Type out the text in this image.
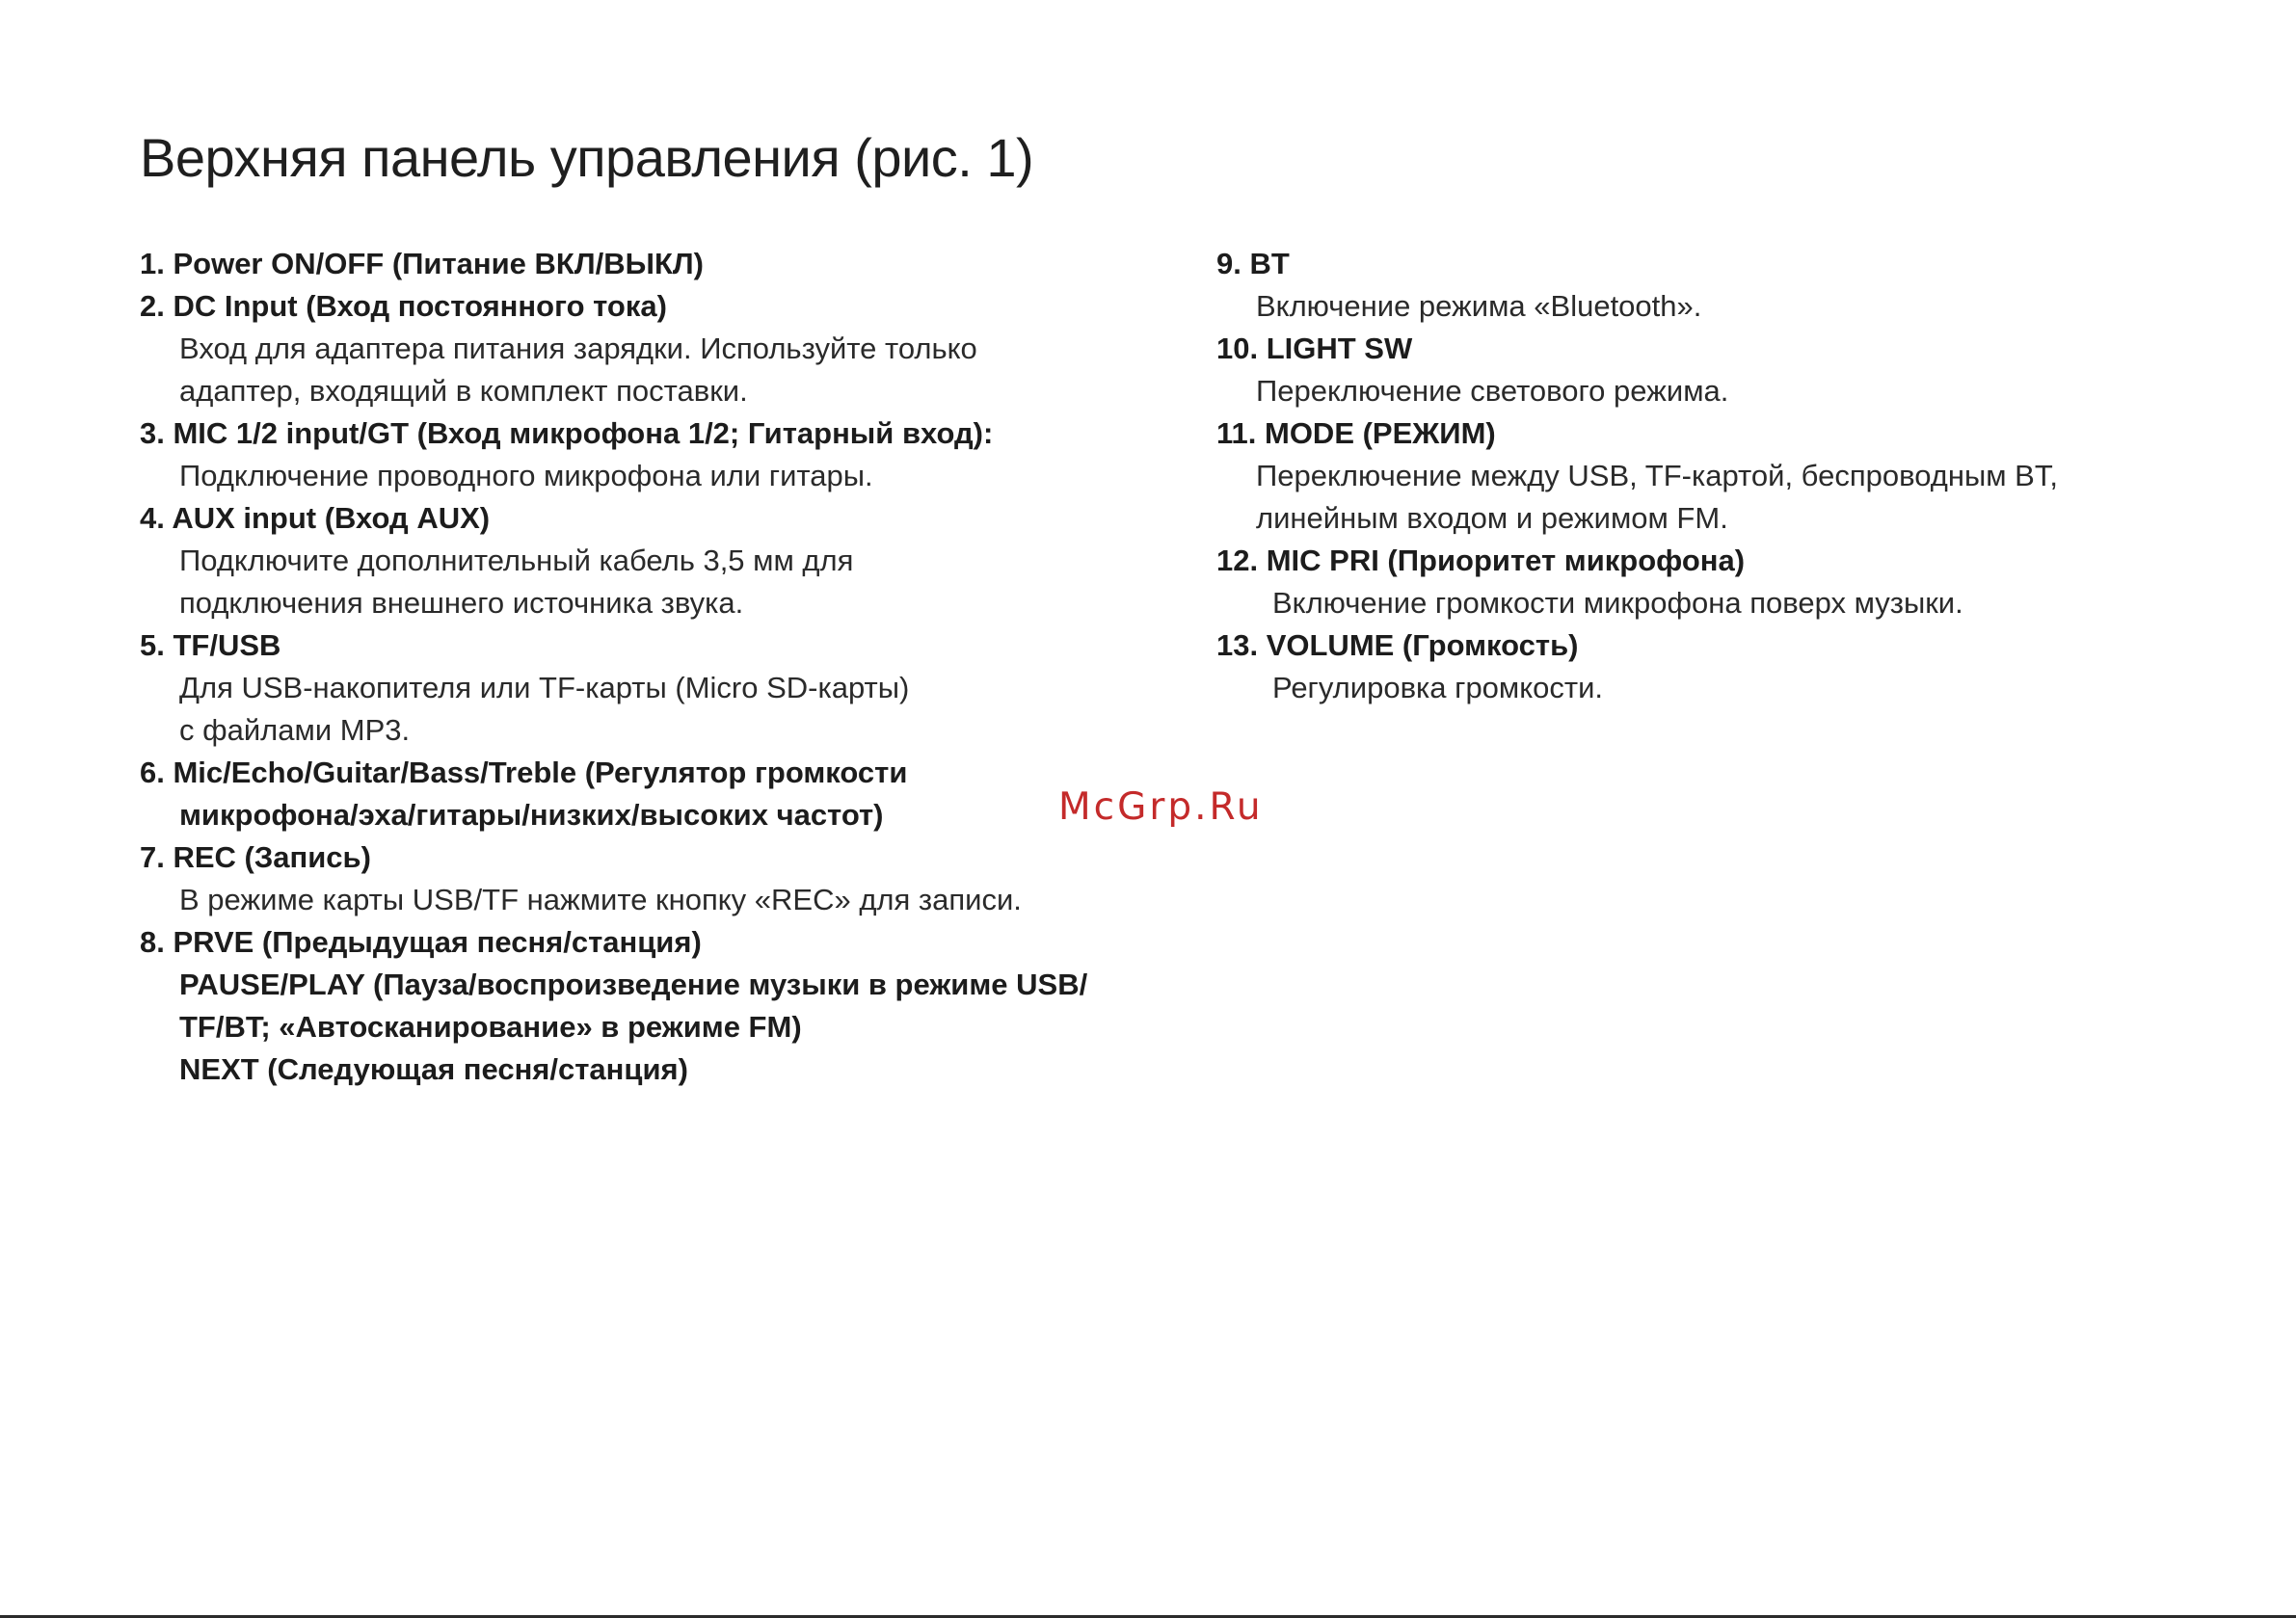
Верхняя панель управления (рис. 1)
1. Power ON/OFF (Питание ВКЛ/ВЫКЛ)
2. DC Input (Вход постоянного тока)
Вход для адаптера питания зарядки. Используйте только
адаптер, входящий в комплект поставки.
3. MIC 1/2 input/GT (Вход микрофона 1/2; Гитарный вход):
Подключение проводного микрофона или гитары.
4. AUX input (Вход AUX)
Подключите дополнительный кабель 3,5 мм для
подключения внешнего источника звука.
5. TF/USB
Для USB-накопителя или TF-карты (Micro SD-карты)
с файлами MP3.
6. Mic/Echo/Guitar/Bass/Treble (Регулятор громкости
микрофона/эха/гитары/низких/высоких частот)
7. REC (Запись)
В режиме карты USB/TF нажмите кнопку «REC» для записи.
8. PRVE (Предыдущая песня/станция)
PAUSE/PLAY (Пауза/воспроизведение музыки в режиме USB/
TF/BT; «Автосканирование» в режиме FM)
NEXT (Следующая песня/станция)
9. BT
Включение режима «Bluetooth».
10. LIGHT SW
Переключение светового режима.
11. MODE (РЕЖИМ)
Переключение между USB, TF-картой, беспроводным BT,
линейным входом и режимом FM.
12. MIC PRI (Приоритет микрофона)
Включение громкости микрофона поверх музыки.
13. VOLUME (Громкость)
Регулировка громкости.
McGrp.Ru
